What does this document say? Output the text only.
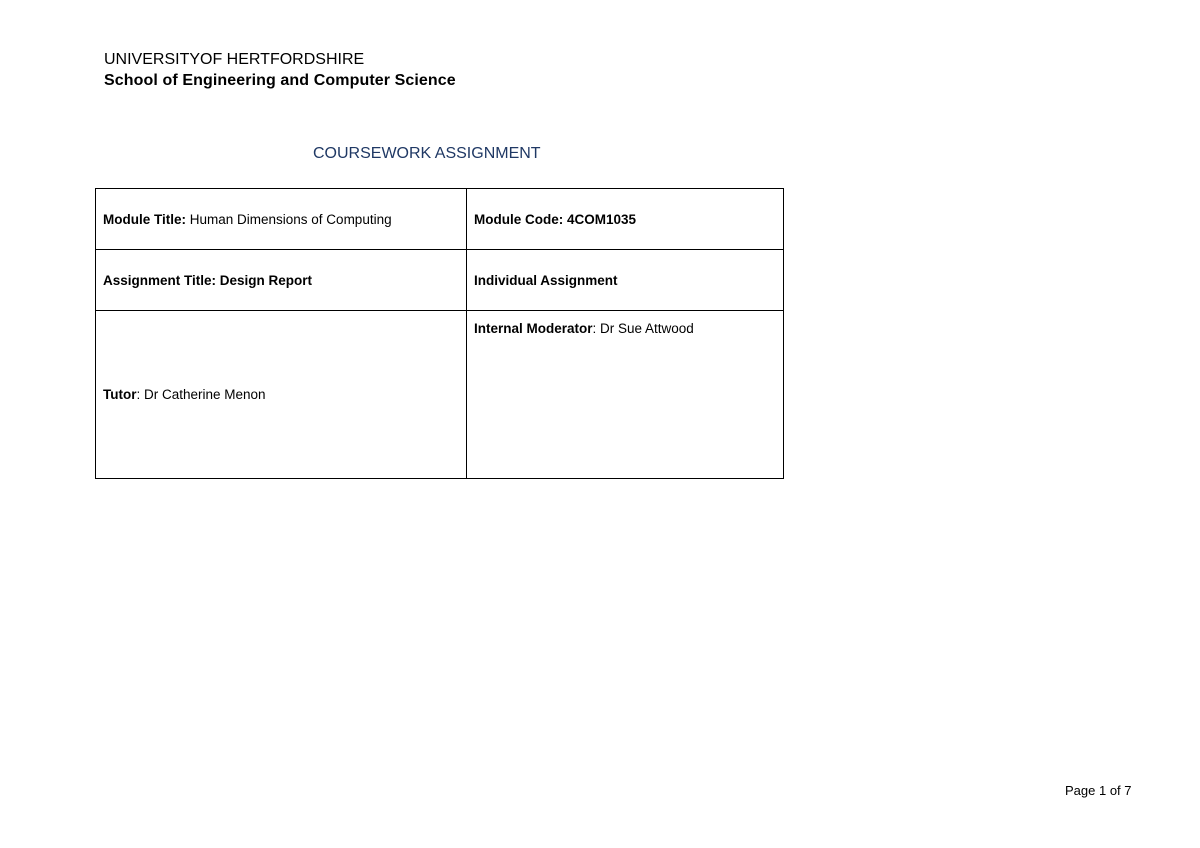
UNIVERSITYOF HERTFORDSHIRE

School of Engineering and Computer Science

COURSEWORK ASSIGNMENT
Module Title: Human Dimensions of Computing	Module Code: 4COM1035
Assignment Title: Design Report	Individual Assignment
Tutor: Dr Catherine Menon	Internal Moderator: Dr Sue Attwood
Page 1 of 7
